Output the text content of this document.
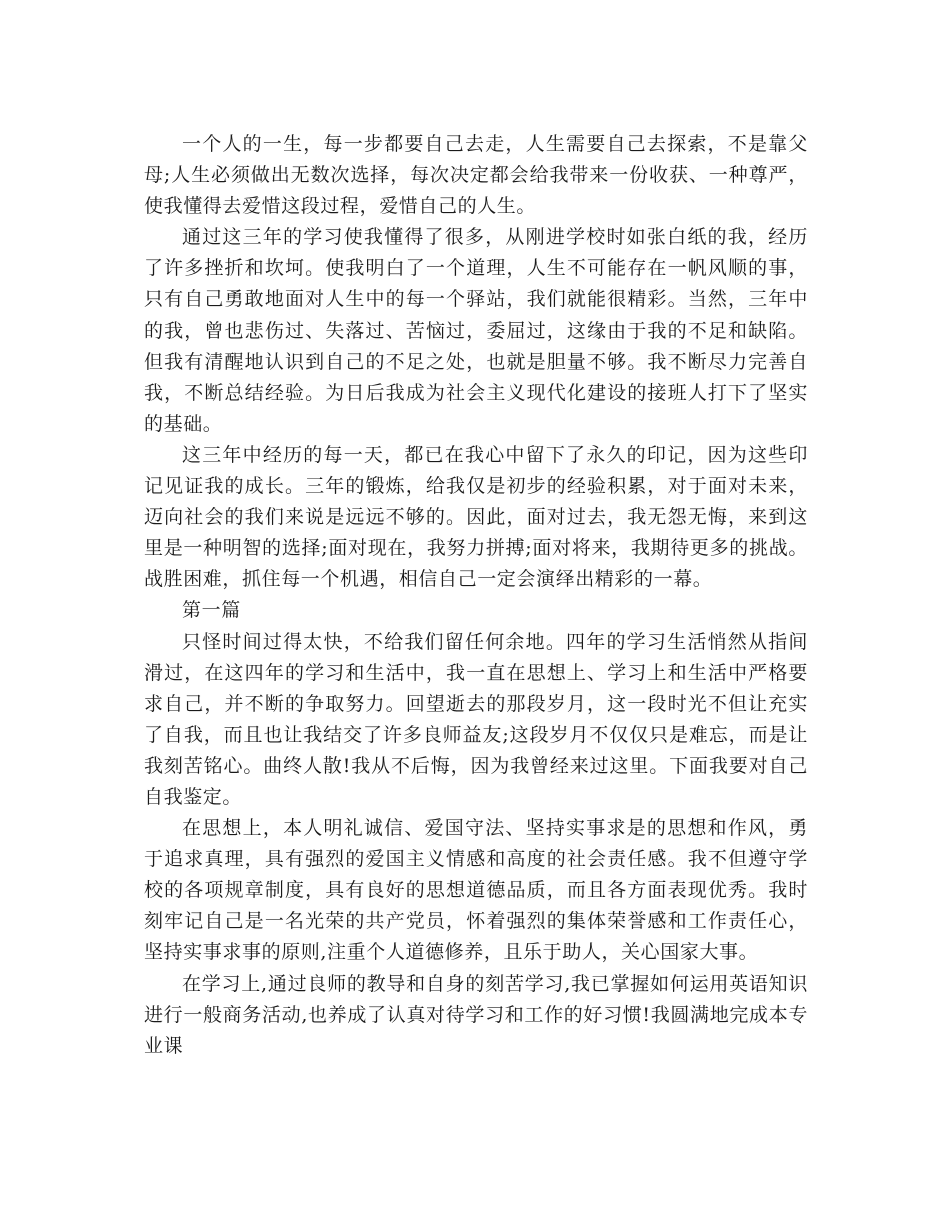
一个人的一生，每一步都要自己去走，人生需要自己去探索，不是靠父母;人生必须做出无数次选择，每次决定都会给我带来一份收获、一种尊严，使我懂得去爱惜这段过程，爱惜自己的人生。

通过这三年的学习使我懂得了很多，从刚进学校时如张白纸的我，经历了许多挫折和坎坷。使我明白了一个道理，人生不可能存在一帆风顺的事，只有自己勇敢地面对人生中的每一个驿站，我们就能很精彩。当然，三年中的我，曾也悲伤过、失落过、苦恼过，委屈过，这缘由于我的不足和缺陷。但我有清醒地认识到自己的不足之处，也就是胆量不够。我不断尽力完善自我，不断总结经验。为日后我成为社会主义现代化建设的接班人打下了坚实的基础。

这三年中经历的每一天，都已在我心中留下了永久的印记，因为这些印记见证我的成长。三年的锻炼，给我仅是初步的经验积累，对于面对未来，迈向社会的我们来说是远远不够的。因此，面对过去，我无怨无悔，来到这里是一种明智的选择;面对现在，我努力拼搏;面对将来，我期待更多的挑战。战胜困难，抓住每一个机遇，相信自己一定会演绎出精彩的一幕。

第一篇

只怪时间过得太快，不给我们留任何余地。四年的学习生活悄然从指间滑过，在这四年的学习和生活中，我一直在思想上、学习上和生活中严格要求自己，并不断的争取努力。回望逝去的那段岁月，这一段时光不但让充实了自我，而且也让我结交了许多良师益友;这段岁月不仅仅只是难忘，而是让我刻苦铭心。曲终人散!我从不后悔，因为我曾经来过这里。下面我要对自己自我鉴定。

在思想上，本人明礼诚信、爱国守法、坚持实事求是的思想和作风，勇于追求真理，具有强烈的爱国主义情感和高度的社会责任感。我不但遵守学校的各项规章制度，具有良好的思想道德品质，而且各方面表现优秀。我时刻牢记自己是一名光荣的共产党员，怀着强烈的集体荣誉感和工作责任心，坚持实事求事的原则,注重个人道德修养，且乐于助人，关心国家大事。

在学习上,通过良师的教导和自身的刻苦学习,我已掌握如何运用英语知识进行一般商务活动,也养成了认真对待学习和工作的好习惯!我圆满地完成本专业课
